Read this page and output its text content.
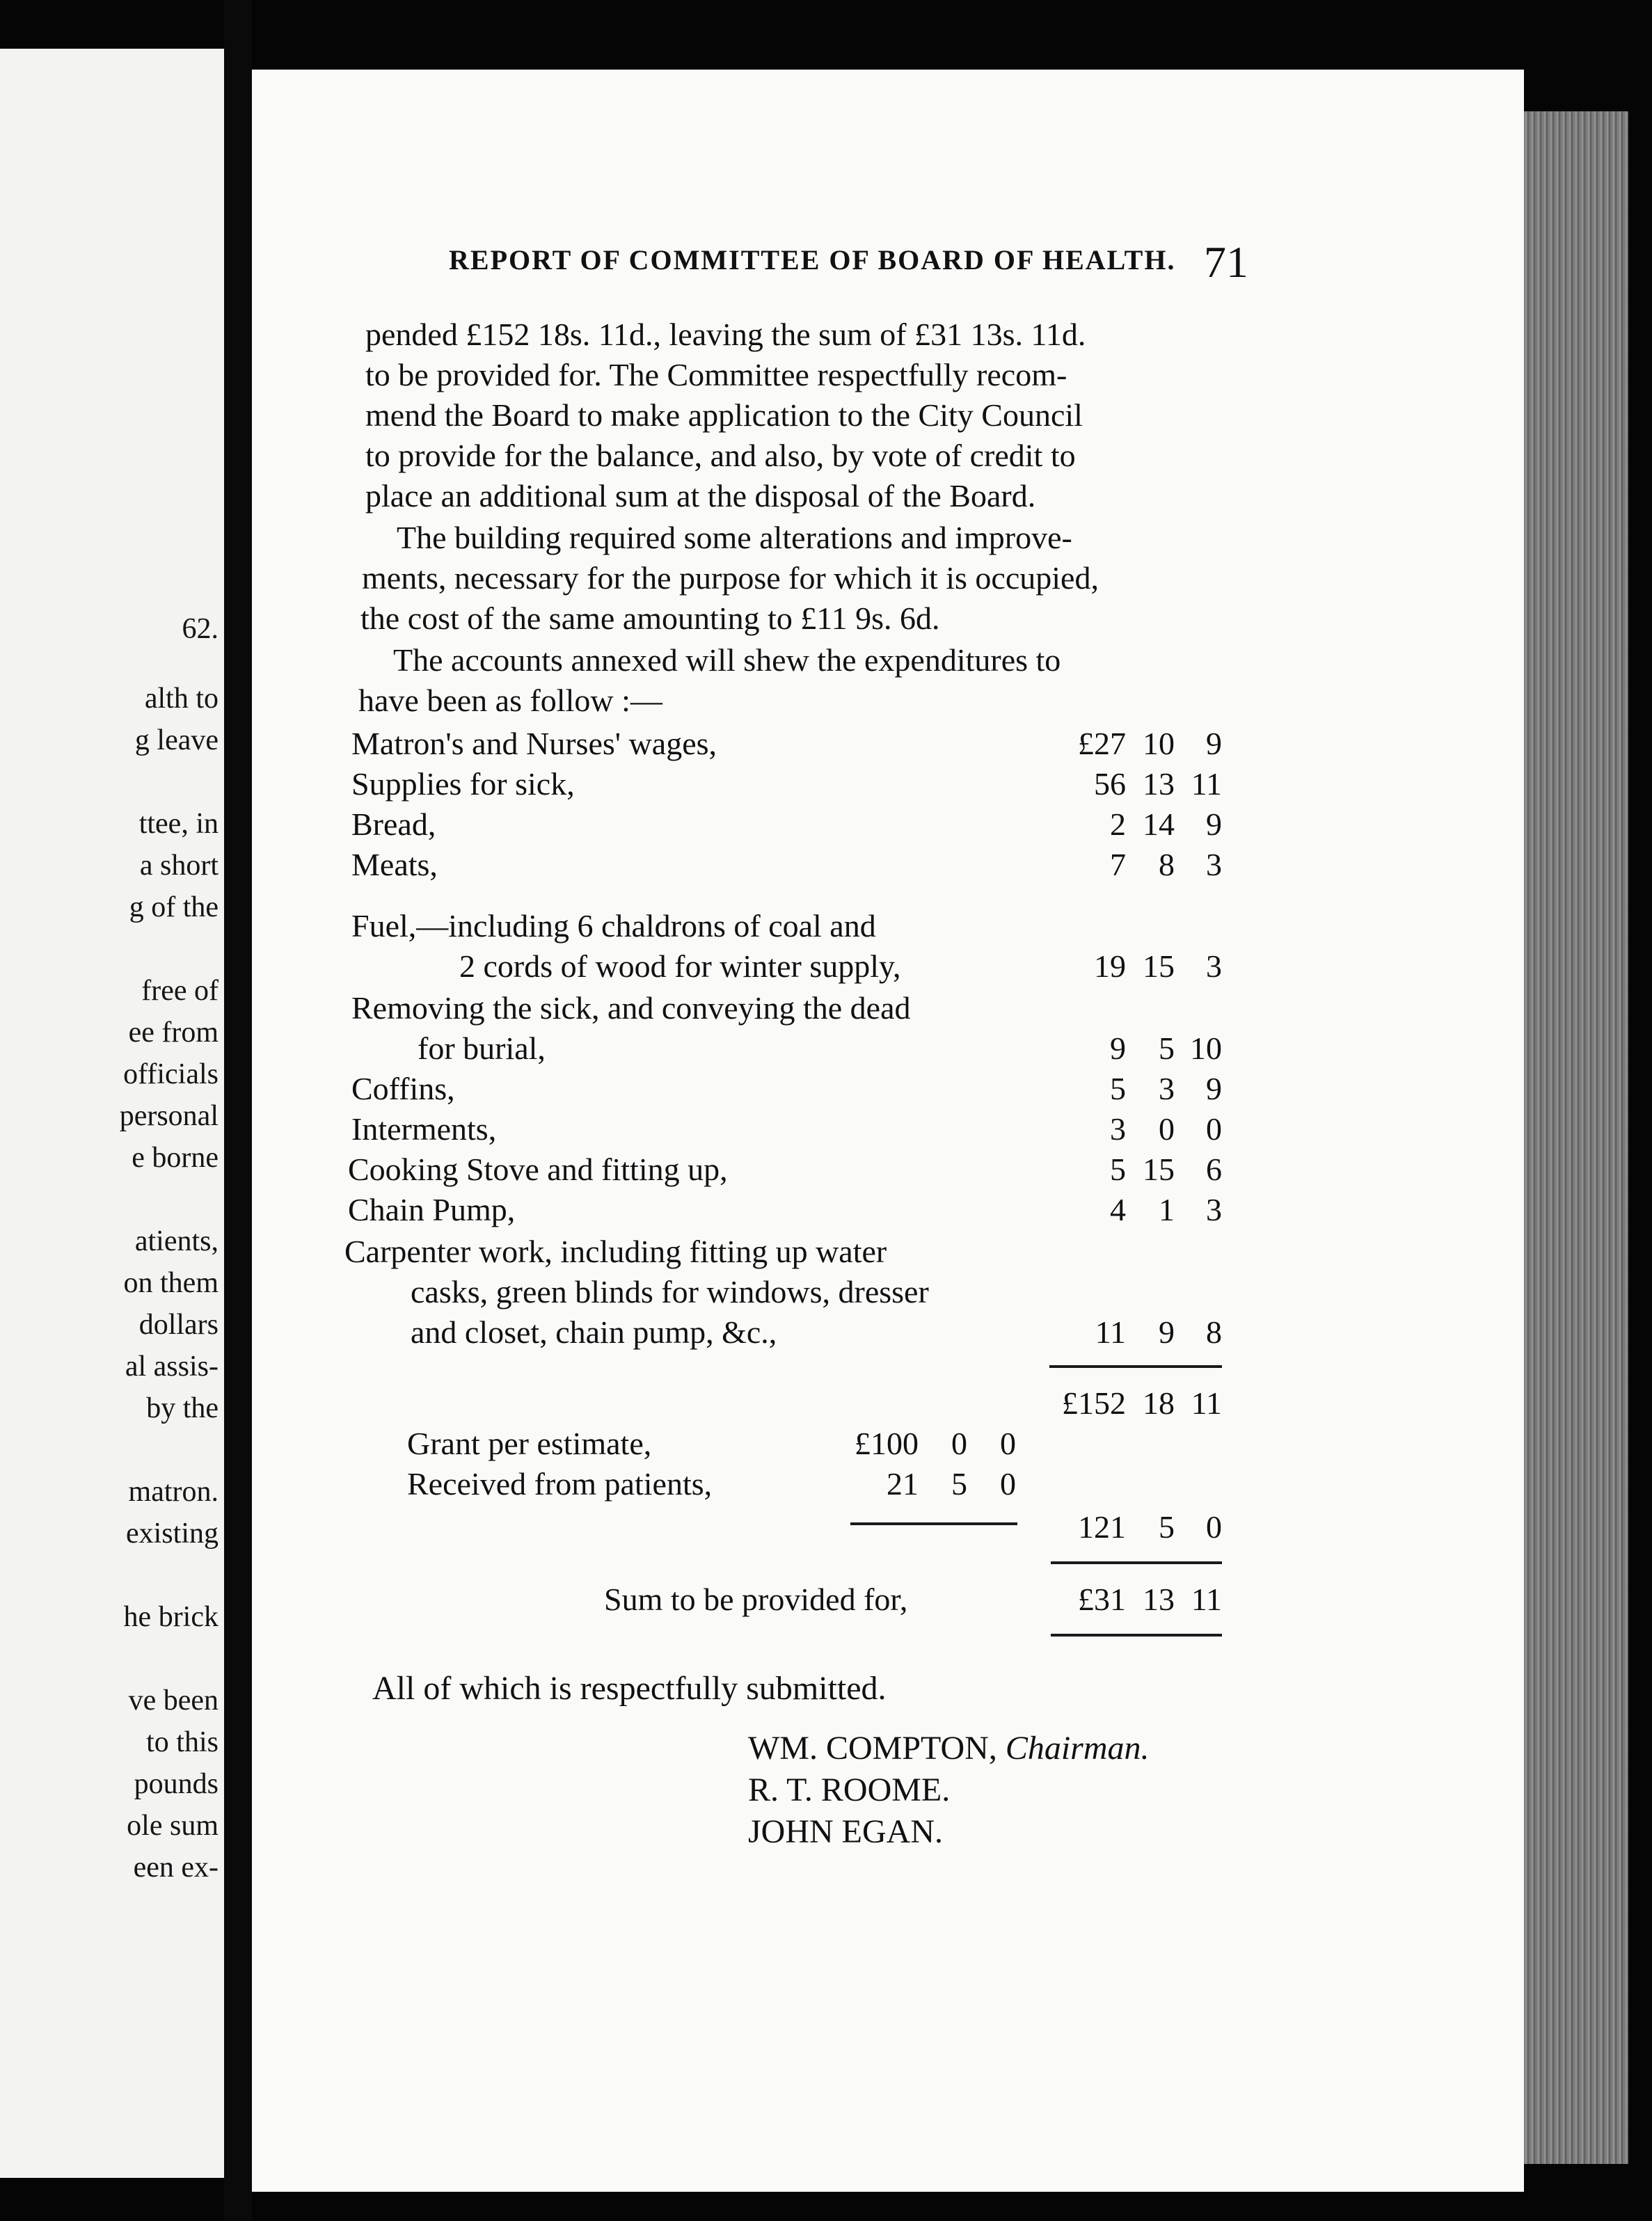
62.
alth to
g leave
ttee, in
a short
g of the
free of
ee from
officials
personal
e borne
atients,
on them
dollars
al assis-
by the
matron.
existing
he brick
ve been
to this
pounds
ole sum
een ex-
REPORT OF COMMITTEE OF BOARD OF HEALTH. 71
pended £152 18s. 11d., leaving the sum of £31 13s. 11d.
to be provided for. The Committee respectfully recom-
mend the Board to make application to the City Council
to provide for the balance, and also, by vote of credit to
place an additional sum at the disposal of the Board.
The building required some alterations and improve-
ments, necessary for the purpose for which it is occupied,
the cost of the same amounting to £11 9s. 6d.
The accounts annexed will shew the expenditures to
have been as follow :—
Matron's and Nurses' wages,	£27 10 9
Supplies for sick,	56 13 11
Bread,	2 14 9
Meats,	7	8 3
Fuel,—including 6 chaldrons of coal and
2 cords of wood for winter supply,	19 15 3
Removing the sick, and conveying the dead
for burial,	9	5 10
Coffins,	5	3 9
Interments,	3	0 0
Cooking Stove and fitting up,	5 15 6
Chain Pump,	4	1 3
Carpenter work, including fitting up water
casks, green blinds for windows, dresser
and closet, chain pump, &c.,	11	9 8
£152 18 11
Grant per estimate,	£100	0	0
Received from patients,	21	5	0
121	5 0
Sum to be provided for,	£31 13 11
All of which is respectfully submitted.
WM. COMPTON, Chairman.
R. T. ROOME.
JOHN EGAN.
